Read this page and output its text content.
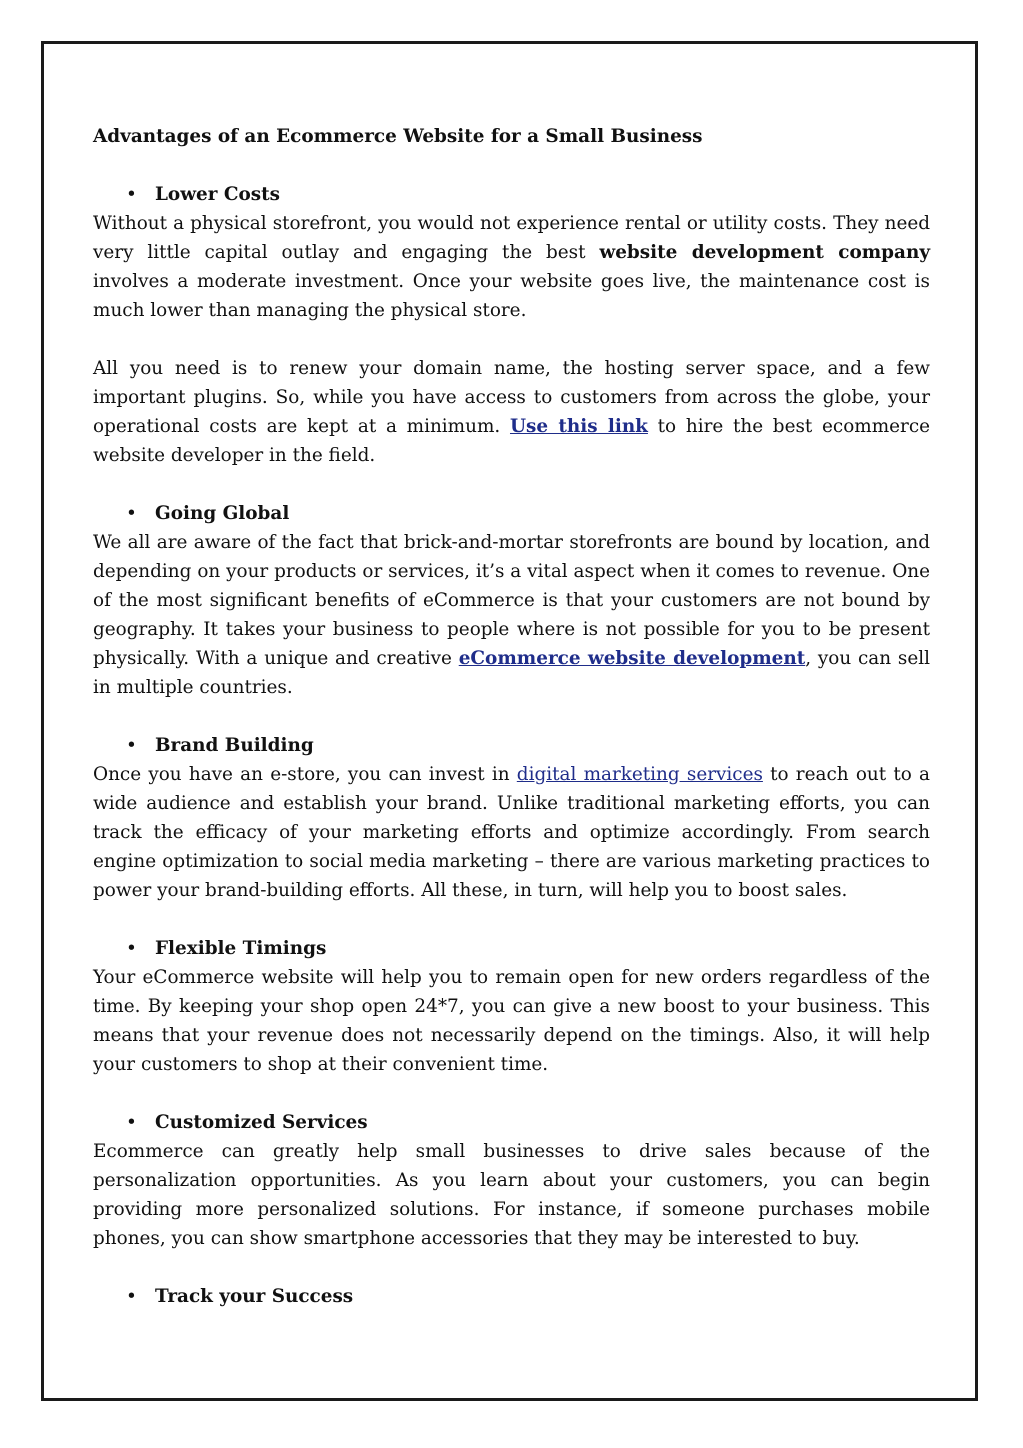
Advantages of an Ecommerce Website for a Small Business

• Lower Costs

Without a physical storefront, you would not experience rental or utility costs. They need very little capital outlay and engaging the best website development company involves a moderate investment. Once your website goes live, the maintenance cost is much lower than managing the physical store.

All you need is to renew your domain name, the hosting server space, and a few important plugins. So, while you have access to customers from across the globe, your operational costs are kept at a minimum. Use this link to hire the best ecommerce website developer in the field.

• Going Global

We all are aware of the fact that brick-and-mortar storefronts are bound by location, and depending on your products or services, it’s a vital aspect when it comes to revenue. One of the most significant benefits of eCommerce is that your customers are not bound by geography. It takes your business to people where is not possible for you to be present physically. With a unique and creative eCommerce website development, you can sell in multiple countries.

• Brand Building

Once you have an e-store, you can invest in digital marketing services to reach out to a wide audience and establish your brand. Unlike traditional marketing efforts, you can track the efficacy of your marketing efforts and optimize accordingly. From search engine optimization to social media marketing – there are various marketing practices to power your brand-building efforts. All these, in turn, will help you to boost sales.

• Flexible Timings

Your eCommerce website will help you to remain open for new orders regardless of the time. By keeping your shop open 24*7, you can give a new boost to your business. This means that your revenue does not necessarily depend on the timings. Also, it will help your customers to shop at their convenient time.

• Customized Services

Ecommerce can greatly help small businesses to drive sales because of the personalization opportunities. As you learn about your customers, you can begin providing more personalized solutions. For instance, if someone purchases mobile phones, you can show smartphone accessories that they may be interested to buy.

• Track your Success
